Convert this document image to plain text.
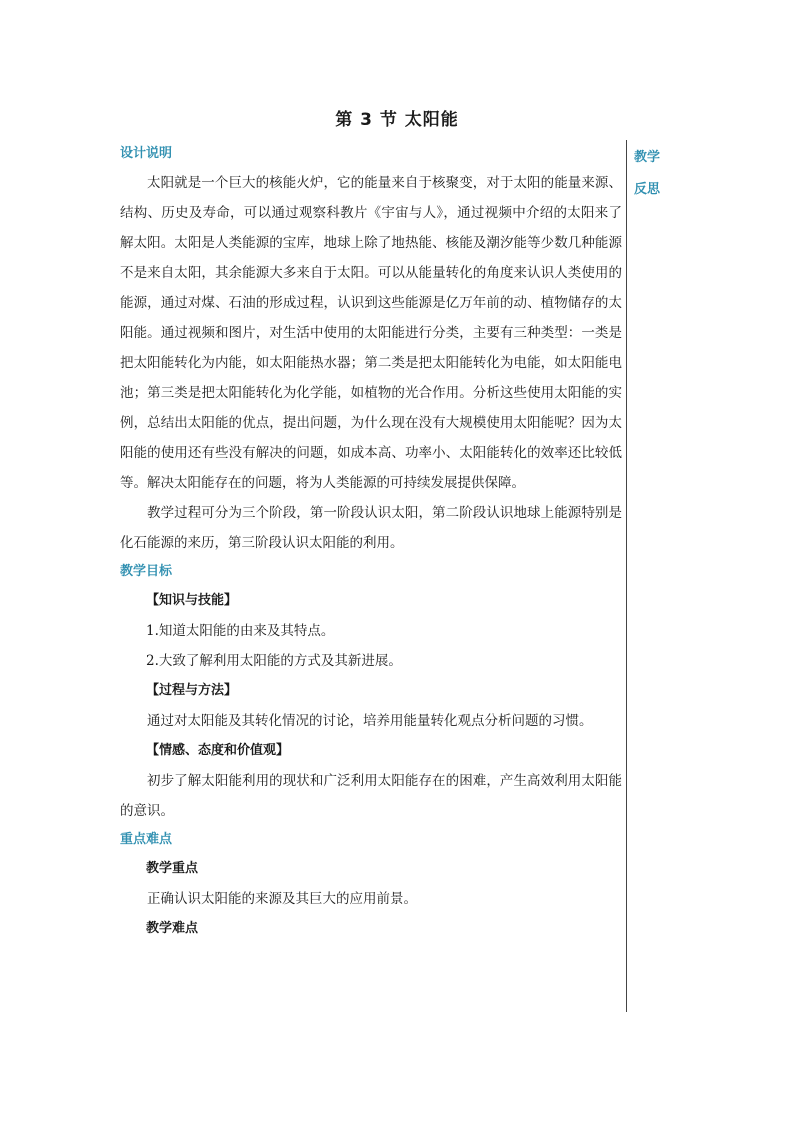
第 3 节 太阳能
教学
反思
设计说明

太阳就是一个巨大的核能火炉，它的能量来自于核聚变，对于太阳的能量来源、结构、历史及寿命，可以通过观察科教片《宇宙与人》，通过视频中介绍的太阳来了解太阳。太阳是人类能源的宝库，地球上除了地热能、核能及潮汐能等少数几种能源不是来自太阳，其余能源大多来自于太阳。可以从能量转化的角度来认识人类使用的能源，通过对煤、石油的形成过程，认识到这些能源是亿万年前的动、植物储存的太阳能。通过视频和图片，对生活中使用的太阳能进行分类，主要有三种类型：一类是把太阳能转化为内能，如太阳能热水器；第二类是把太阳能转化为电能，如太阳能电池；第三类是把太阳能转化为化学能，如植物的光合作用。分析这些使用太阳能的实例，总结出太阳能的优点，提出问题，为什么现在没有大规模使用太阳能呢？因为太阳能的使用还有些没有解决的问题，如成本高、功率小、太阳能转化的效率还比较低等。解决太阳能存在的问题，将为人类能源的可持续发展提供保障。

教学过程可分为三个阶段，第一阶段认识太阳，第二阶段认识地球上能源特别是化石能源的来历，第三阶段认识太阳能的利用。

教学目标
【知识与技能】
1.知道太阳能的由来及其特点。
2.大致了解利用太阳能的方式及其新进展。
【过程与方法】

通过对太阳能及其转化情况的讨论，培养用能量转化观点分析问题的习惯。

【情感、态度和价值观】

初步了解太阳能利用的现状和广泛利用太阳能存在的困难，产生高效利用太阳能的意识。

重点难点
教学重点

正确认识太阳能的来源及其巨大的应用前景。

教学难点
